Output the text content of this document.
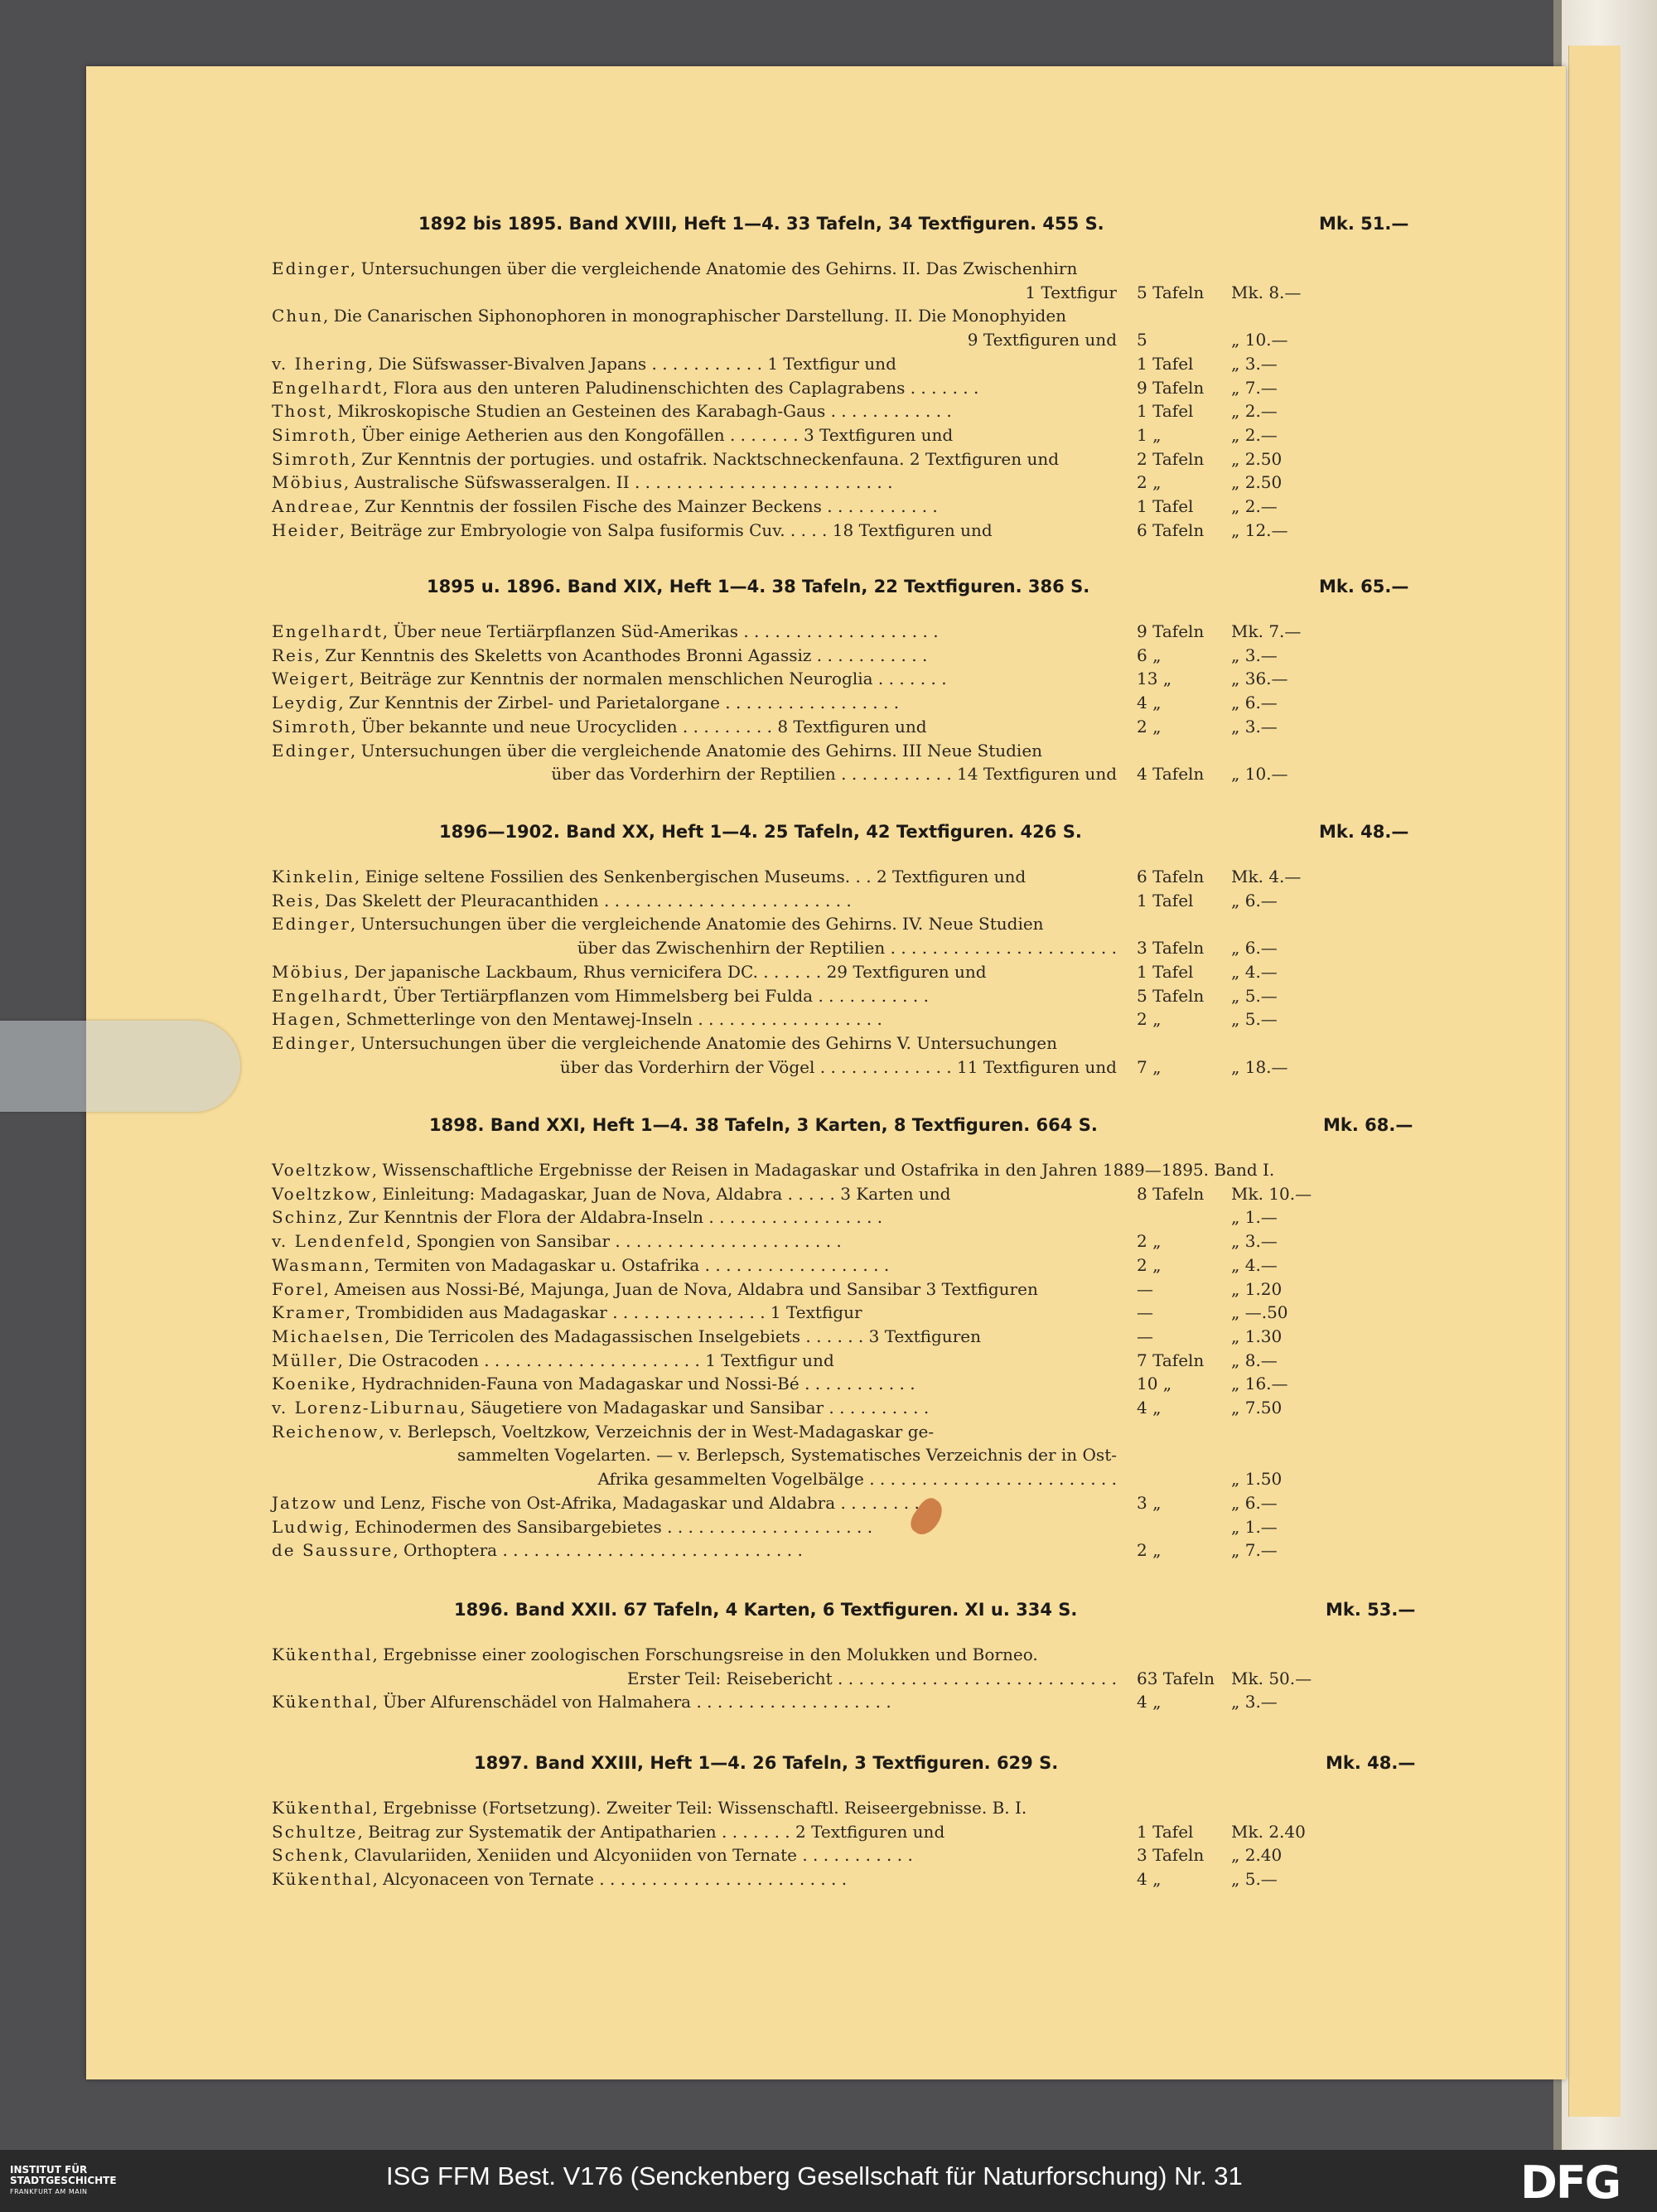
1892 bis 1895. Band XVIII, Heft 1—4. 33 Tafeln, 34 Textfiguren. 455 S.	Mk. 51.—
Edinger, Untersuchungen über die vergleichende Anatomie des Gehirns. II. Das Zwischenhirn
1 Textfigur 5 Tafeln Mk. 8.—
Chun, Die Canarischen Siphonophoren in monographischer Darstellung. II. Die Monophyiden
9 Textfiguren und 5	„ 10.—
v. Ihering, Die Süfswasser-Bivalven Japans . . . . . . . . . . . 1 Textfigur und	1 Tafel „ 3.—
Engelhardt, Flora aus den unteren Paludinenschichten des Caplagrabens . . . . . . .	9 Tafeln „ 7.—
Thost, Mikroskopische Studien an Gesteinen des Karabagh-Gaus . . . . . . . . . . . .	1 Tafel „ 2.—
Simroth, Über einige Aetherien aus den Kongofällen . . . . . . . 3 Textfiguren und	1 „	„ 2.—
Simroth, Zur Kenntnis der portugies. und ostafrik. Nacktschneckenfauna. 2 Textfiguren und	2 Tafeln „ 2.50
Möbius, Australische Süfswasseralgen. II . . . . . . . . . . . . . . . . . . . . . . . . .	2 „	„ 2.50
Andreae, Zur Kenntnis der fossilen Fische des Mainzer Beckens . . . . . . . . . . .	1 Tafel „ 2.—
Heider, Beiträge zur Embryologie von Salpa fusiformis Cuv. . . . . 18 Textfiguren und	6 Tafeln „ 12.—
1895 u. 1896. Band XIX, Heft 1—4. 38 Tafeln, 22 Textfiguren. 386 S.	Mk. 65.—
Engelhardt, Über neue Tertiärpflanzen Süd-Amerikas . . . . . . . . . . . . . . . . . . .	9 Tafeln Mk. 7.—
Reis, Zur Kenntnis des Skeletts von Acanthodes Bronni Agassiz . . . . . . . . . . .	6 „	„ 3.—
Weigert, Beiträge zur Kenntnis der normalen menschlichen Neuroglia . . . . . . .	13 „	„ 36.—
Leydig, Zur Kenntnis der Zirbel- und Parietalorgane . . . . . . . . . . . . . . . . .	4 „	„ 6.—
Simroth, Über bekannte und neue Urocycliden . . . . . . . . . 8 Textfiguren und	2 „	„ 3.—
Edinger, Untersuchungen über die vergleichende Anatomie des Gehirns. III Neue Studien
über das Vorderhirn der Reptilien . . . . . . . . . . . 14 Textfiguren und 4 Tafeln „ 10.—
1896—1902. Band XX, Heft 1—4. 25 Tafeln, 42 Textfiguren. 426 S.	Mk. 48.—
Kinkelin, Einige seltene Fossilien des Senkenbergischen Museums. . . 2 Textfiguren und	6 Tafeln Mk. 4.—
Reis, Das Skelett der Pleuracanthiden . . . . . . . . . . . . . . . . . . . . . . . .	1 Tafel „ 6.—
Edinger, Untersuchungen über die vergleichende Anatomie des Gehirns. IV. Neue Studien
über das Zwischenhirn der Reptilien . . . . . . . . . . . . . . . . . . . . . . 3 Tafeln „ 6.—
Möbius, Der japanische Lackbaum, Rhus vernicifera DC. . . . . . . 29 Textfiguren und	1 Tafel „ 4.—
Engelhardt, Über Tertiärpflanzen vom Himmelsberg bei Fulda . . . . . . . . . . .	5 Tafeln „ 5.—
Hagen, Schmetterlinge von den Mentawej-Inseln . . . . . . . . . . . . . . . . . .	2 „	„ 5.—
Edinger, Untersuchungen über die vergleichende Anatomie des Gehirns V. Untersuchungen
über das Vorderhirn der Vögel . . . . . . . . . . . . . 11 Textfiguren und 7 „	„ 18.—
1898. Band XXI, Heft 1—4. 38 Tafeln, 3 Karten, 8 Textfiguren. 664 S.	Mk. 68.—
Voeltzkow, Wissenschaftliche Ergebnisse der Reisen in Madagaskar und Ostafrika in den Jahren 1889—1895. Band I.
Voeltzkow, Einleitung: Madagaskar, Juan de Nova, Aldabra . . . . . 3 Karten und	8 Tafeln Mk. 10.—
Schinz, Zur Kenntnis der Flora der Aldabra-Inseln . . . . . . . . . . . . . . . . .	„ 1.—
v. Lendenfeld, Spongien von Sansibar . . . . . . . . . . . . . . . . . . . . . .	2 „	„ 3.—
Wasmann, Termiten von Madagaskar u. Ostafrika . . . . . . . . . . . . . . . . . .	2 „	„ 4.—
Forel, Ameisen aus Nossi-Bé, Majunga, Juan de Nova, Aldabra und Sansibar 3 Textfiguren	—	„ 1.20
Kramer, Trombididen aus Madagaskar . . . . . . . . . . . . . . . 1 Textfigur	—	„ —.50
Michaelsen, Die Terricolen des Madagassischen Inselgebiets . . . . . . 3 Textfiguren	—	„ 1.30
Müller, Die Ostracoden . . . . . . . . . . . . . . . . . . . . . 1 Textfigur und	7 Tafeln „ 8.—
Koenike, Hydrachniden-Fauna von Madagaskar und Nossi-Bé . . . . . . . . . . .	10 „	„ 16.—
v. Lorenz-Liburnau, Säugetiere von Madagaskar und Sansibar . . . . . . . . . .	4 „	„ 7.50
Reichenow, v. Berlepsch, Voeltzkow, Verzeichnis der in West-Madagaskar ge-
sammelten Vogelarten. — v. Berlepsch, Systematisches Verzeichnis der in Ost-
Afrika gesammelten Vogelbälge . . . . . . . . . . . . . . . . . . . . . . . .	„ 1.50
Jatzow und Lenz, Fische von Ost-Afrika, Madagaskar und Aldabra . . . . . . . .	3 „	„ 6.—
Ludwig, Echinodermen des Sansibargebietes . . . . . . . . . . . . . . . . . . . .	„ 1.—
de Saussure, Orthoptera . . . . . . . . . . . . . . . . . . . . . . . . . . . . .	2 „	„ 7.—
1896. Band XXII. 67 Tafeln, 4 Karten, 6 Textfiguren. XI u. 334 S.	Mk. 53.—
Kükenthal, Ergebnisse einer zoologischen Forschungsreise in den Molukken und Borneo.
Erster Teil: Reisebericht . . . . . . . . . . . . . . . . . . . . . . . . . . . 63 Tafeln Mk. 50.—
Kükenthal, Über Alfurenschädel von Halmahera . . . . . . . . . . . . . . . . . . .	4 „	„ 3.—
1897. Band XXIII, Heft 1—4. 26 Tafeln, 3 Textfiguren. 629 S.	Mk. 48.—
Kükenthal, Ergebnisse (Fortsetzung). Zweiter Teil: Wissenschaftl. Reiseergebnisse. B. I.
Schultze, Beitrag zur Systematik der Antipatharien . . . . . . . 2 Textfiguren und	1 Tafel Mk. 2.40
Schenk, Clavulariiden, Xeniiden und Alcyoniiden von Ternate . . . . . . . . . . .	3 Tafeln „ 2.40
Kükenthal, Alcyonaceen von Ternate . . . . . . . . . . . . . . . . . . . . . . . .	4 „	„ 5.—
INSTITUT FÜR
STADTGESCHICHTE
FRANKFURT AM MAIN
ISG FFM Best. V176 (Senckenberg Gesellschaft für Naturforschung) Nr. 31	DFG
